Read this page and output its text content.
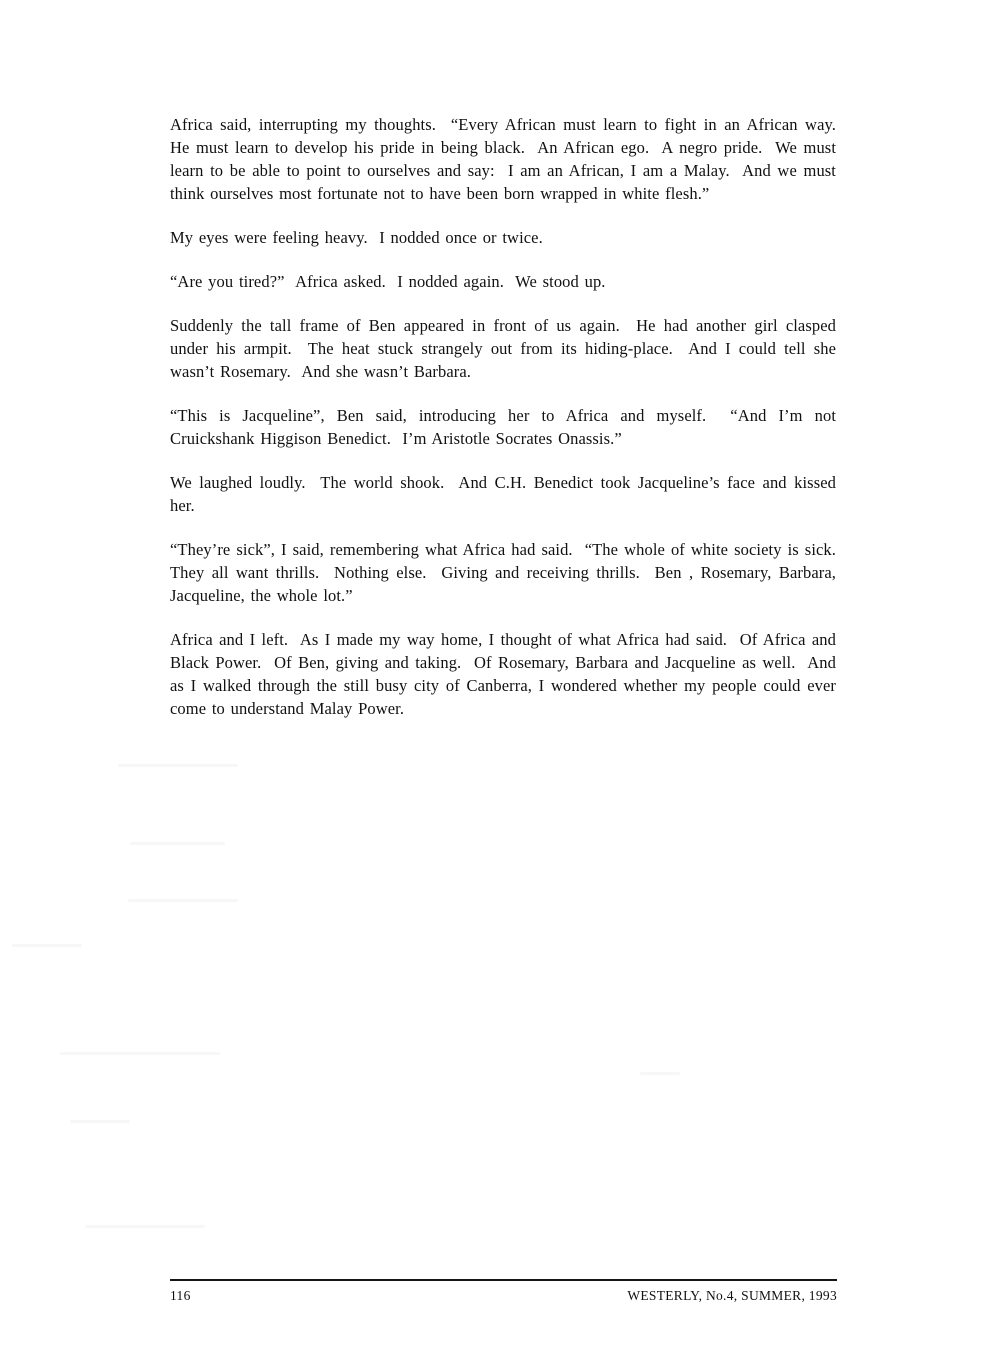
Africa said, interrupting my thoughts.  “Every African must learn to fight in an African way.  He must learn to develop his pride in being black.  An African ego.  A negro pride.  We must learn to be able to point to ourselves and say:  I am an African, I am a Malay.  And we must think ourselves most fortunate not to have been born wrapped in white flesh.”

My eyes were feeling heavy.  I nodded once or twice.

“Are you tired?”  Africa asked.  I nodded again.  We stood up.

Suddenly the tall frame of Ben appeared in front of us again.  He had another girl clasped under his armpit.  The heat stuck strangely out from its hiding-place.  And I could tell she wasn’t Rosemary.  And she wasn’t Barbara.

“This is Jacqueline”, Ben said, introducing her to Africa and myself.  “And I’m not Cruickshank Higgison Benedict.  I’m Aristotle Socrates Onassis.”

We laughed loudly.  The world shook.  And C.H. Benedict took Jacqueline’s face and kissed her.

“They’re sick”, I said, remembering what Africa had said.  “The whole of white society is sick.  They all want thrills.  Nothing else.  Giving and receiving thrills.  Ben , Rosemary, Barbara, Jacqueline, the whole lot.”

Africa and I left.  As I made my way home, I thought of what Africa had said.  Of Africa and Black Power.  Of Ben, giving and taking.  Of Rosemary, Barbara and Jacqueline as well.  And as I walked through the still busy city of Canberra, I wondered whether my people could ever come to understand Malay Power.

116	WESTERLY, No.4, SUMMER, 1993
